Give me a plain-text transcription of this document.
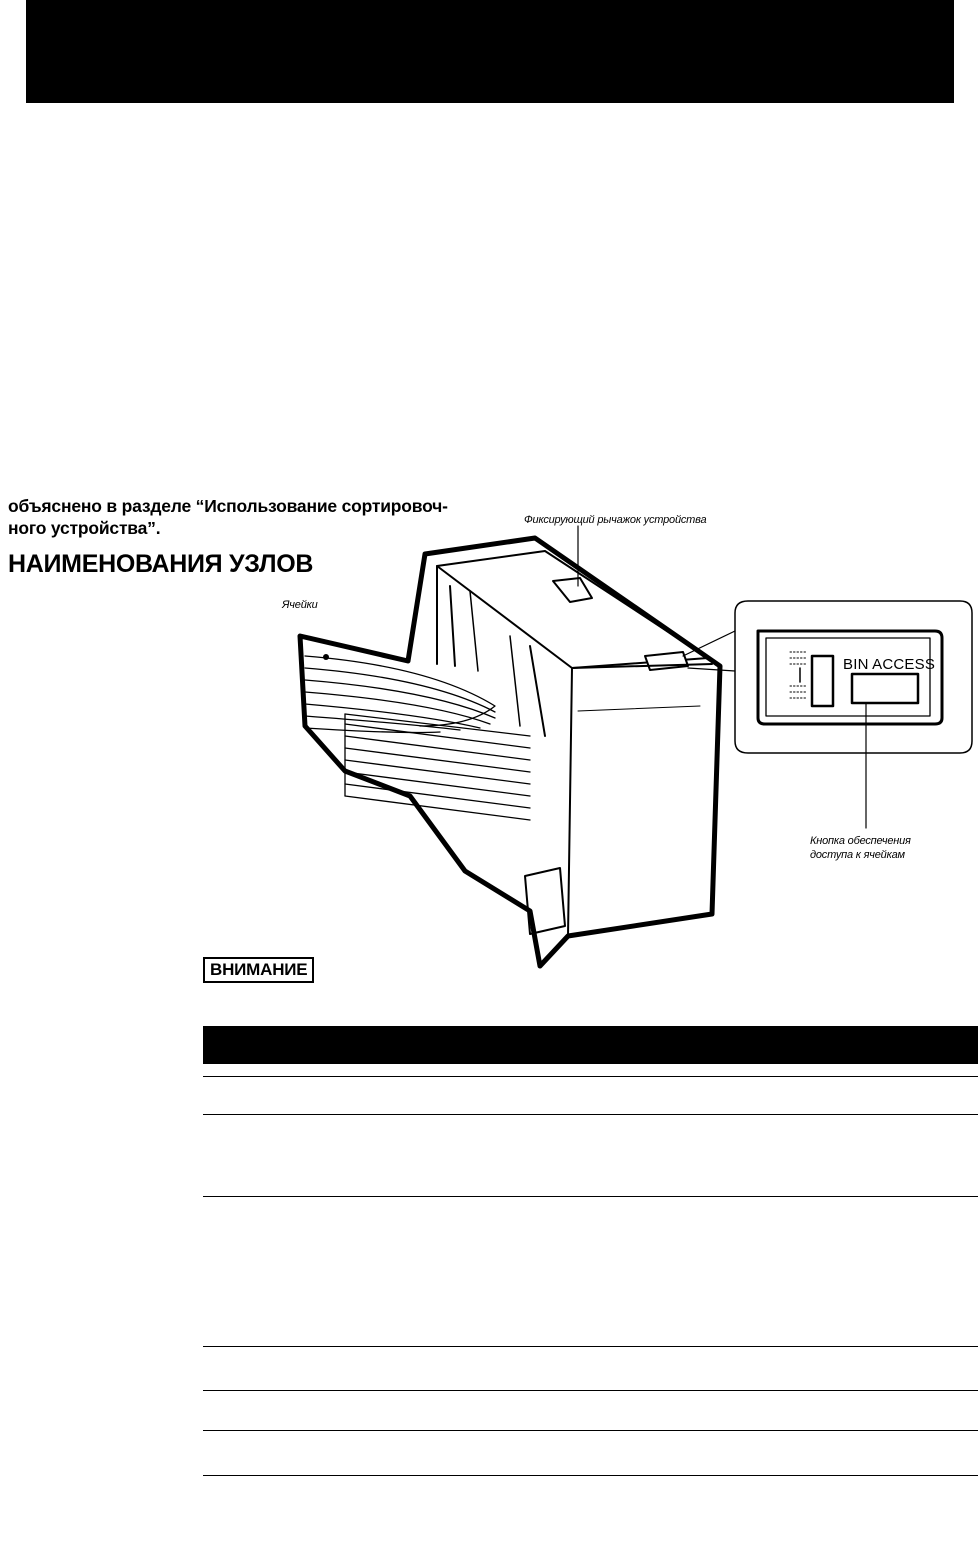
объяснено в разделе “Использование сортировоч-
ного устройства”.
НАИМЕНОВАНИЯ УЗЛОВ
Фиксирующий рычажок устройства
Ячейки
BIN ACCESS
Кнопка обеспечения
доступа к ячейкам
ВНИМАНИЕ
